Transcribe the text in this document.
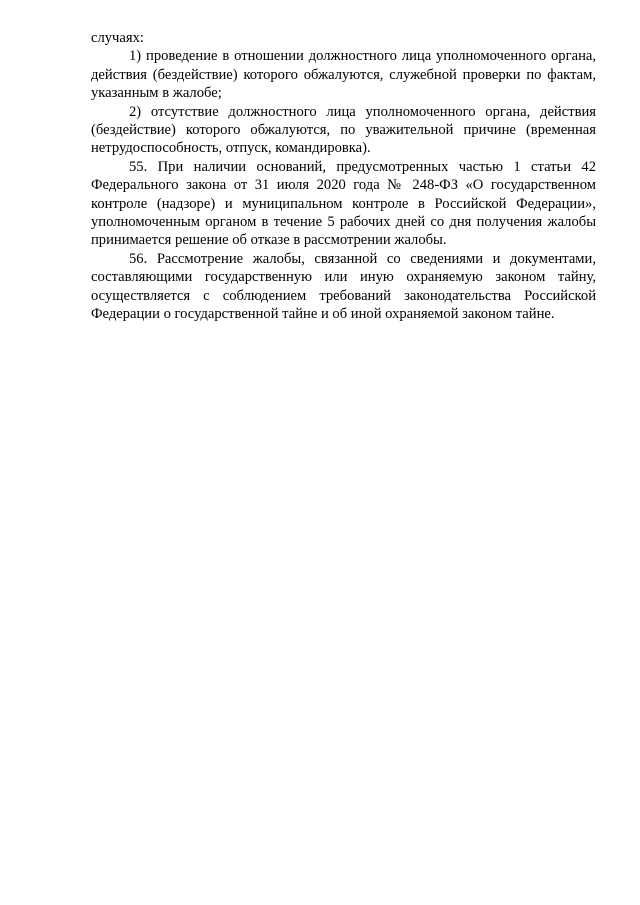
случаях:

1) проведение в отношении должностного лица уполномоченного органа, действия (бездействие) которого обжалуются, служебной проверки по фактам, указанным в жалобе;

2) отсутствие должностного лица уполномоченного органа, действия (бездействие) которого обжалуются, по уважительной причине (временная нетрудоспособность, отпуск, командировка).

55. При наличии оснований, предусмотренных частью 1 статьи 42 Федерального закона от 31 июля 2020 года № 248-ФЗ «О государственном контроле (надзоре) и муниципальном контроле в Российской Федерации», уполномоченным органом в течение 5 рабочих дней со дня получения жалобы принимается решение об отказе в рассмотрении жалобы.

56. Рассмотрение жалобы, связанной со сведениями и документами, составляющими государственную или иную охраняемую законом тайну, осуществляется с соблюдением требований законодательства Российской Федерации о государственной тайне и об иной охраняемой законом тайне.
